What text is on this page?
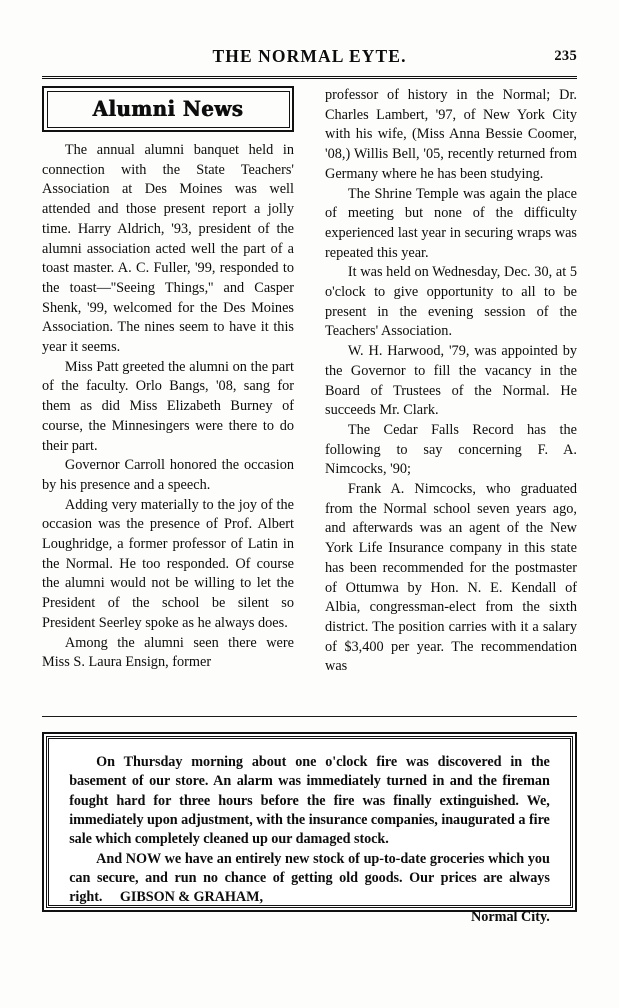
THE NORMAL EYTE.	235
Alumni News

The annual alumni banquet held in connection with the State Teachers' Association at Des Moines was well attended and those present report a jolly time. Harry Aldrich, '93, president of the alumni association acted well the part of a toast master. A. C. Fuller, '99, responded to the toast—''Seeing Things,'' and Casper Shenk, '99, welcomed for the Des Moines Association. The nines seem to have it this year it seems.

Miss Patt greeted the alumni on the part of the faculty. Orlo Bangs, '08, sang for them as did Miss Elizabeth Burney of course, the Minnesingers were there to do their part.

Governor Carroll honored the occasion by his presence and a speech.

Adding very materially to the joy of the occasion was the presence of Prof. Albert Loughridge, a former professor of Latin in the Normal. He too responded. Of course the alumni would not be willing to let the President of the school be silent so President Seerley spoke as he always does.

Among the alumni seen there were Miss S. Laura Ensign, former

professor of history in the Normal; Dr. Charles Lambert, '97, of New York City with his wife, (Miss Anna Bessie Coomer, '08,) Willis Bell, '05, recently returned from Germany where he has been studying.

The Shrine Temple was again the place of meeting but none of the difficulty experienced last year in securing wraps was repeated this year.

It was held on Wednesday, Dec. 30, at 5 o'clock to give opportunity to all to be present in the evening session of the Teachers' Association.

W. H. Harwood, '79, was appointed by the Governor to fill the vacancy in the Board of Trustees of the Normal. He succeeds Mr. Clark.

The Cedar Falls Record has the following to say concerning F. A. Nimcocks, '90;

Frank A. Nimcocks, who graduated from the Normal school seven years ago, and afterwards was an agent of the New York Life Insurance company in this state has been recommended for the postmaster of Ottumwa by Hon. N. E. Kendall of Albia, congressman-elect from the sixth district. The position carries with it a salary of $3,400 per year. The recommendation was

On Thursday morning about one o'clock fire was discovered in the basement of our store. An alarm was immediately turned in and the fireman fought hard for three hours before the fire was finally extinguished. We, immediately upon adjustment, with the insurance companies, inaugurated a fire sale which completely cleaned up our damaged stock.

And NOW we have an entirely new stock of up-to-date groceries which you can secure, and run no chance of getting old goods. Our prices are always right. GIBSON & GRAHAM,

Normal City.
